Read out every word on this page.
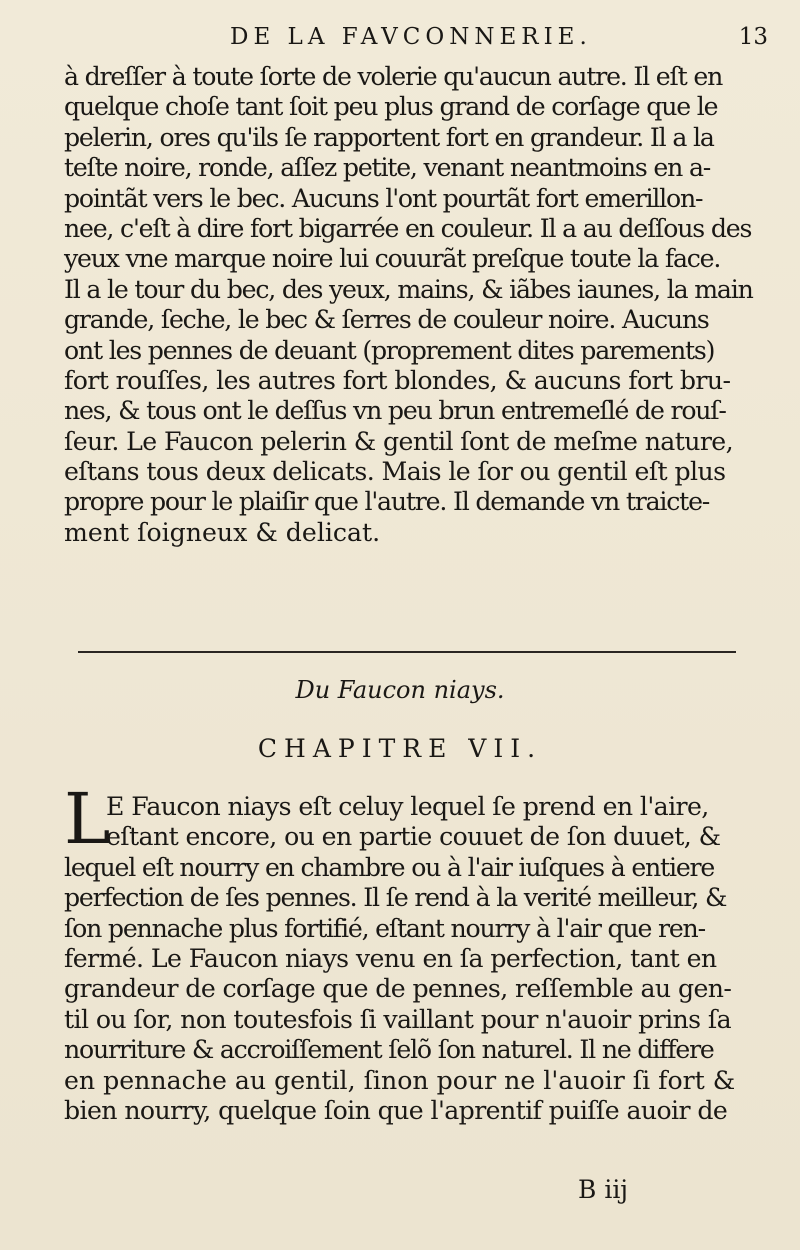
DE LA FAVCONNERIE.	13
à dreſſer à toute ſorte de volerie qu'aucun autre. Il eſt en
quelque choſe tant ſoit peu plus grand de corſage que le
pelerin, ores qu'ils ſe rapportent fort en grandeur. Il a la
teſte noire, ronde, aſſez petite, venant neantmoins en a-
pointãt vers le bec. Aucuns l'ont pourtãt fort emerillon-
nee, c'eſt à dire fort bigarrée en couleur. Il a au deſſous des
yeux vne marque noire lui couurãt preſque toute la face.
Il a le tour du bec, des yeux, mains, & iãbes iaunes, la main
grande, ſeche, le bec & ſerres de couleur noire. Aucuns
ont les pennes de deuant (proprement dites parements)
fort rouſſes, les autres fort blondes, & aucuns fort bru-
nes, & tous ont le deſſus vn peu brun entremeſlé de rouſ-
ſeur. Le Faucon pelerin & gentil ſont de meſme nature,
eſtans tous deux delicats. Mais le ſor ou gentil eſt plus
propre pour le plaiſir que l'autre. Il demande vn traicte-
ment ſoigneux & delicat.
Du Faucon niays.
CHAPITRE VII.
L
E Faucon niays eſt celuy lequel ſe prend en l'aire,
eſtant encore, ou en partie couuet de ſon duuet, &
lequel eſt nourry en chambre ou à l'air iuſques à entiere
perfection de ſes pennes. Il ſe rend à la verité meilleur, &
ſon pennache plus fortifié, eſtant nourry à l'air que ren-
fermé. Le Faucon niays venu en ſa perfection, tant en
grandeur de corſage que de pennes, reſſemble au gen-
til ou ſor, non toutesfois ſi vaillant pour n'auoir prins ſa
nourriture & accroiſſement ſelõ ſon naturel. Il ne differe
en pennache au gentil, ſinon pour ne l'auoir ſi fort &
bien nourry, quelque ſoin que l'aprentif puiſſe auoir de
B iij
